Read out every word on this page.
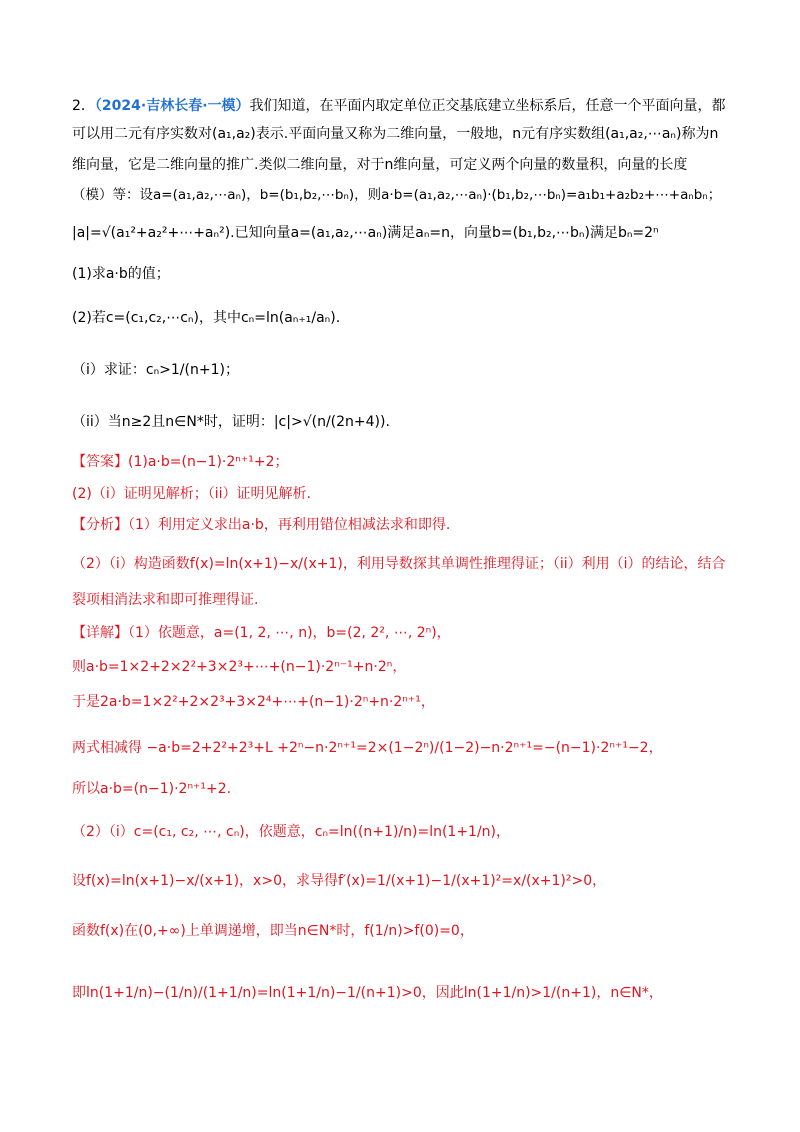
2．（2024·吉林长春·一模）我们知道，在平面内取定单位正交基底建立坐标系后，任意一个平面向量，都
可以用二元有序实数对(a₁,a₂)表示.平面向量又称为二维向量，一般地，n元有序实数组(a₁,a₂,⋯aₙ)称为n
维向量，它是二维向量的推广.类似二维向量，对于n维向量，可定义两个向量的数量积，向量的长度
（模）等：设a=(a₁,a₂,⋯aₙ)，b=(b₁,b₂,⋯bₙ)，则a·b=(a₁,a₂,⋯aₙ)·(b₁,b₂,⋯bₙ)=a₁b₁+a₂b₂+⋯+aₙbₙ；
|a|=√(a₁²+a₂²+⋯+aₙ²).已知向量a=(a₁,a₂,⋯aₙ)满足aₙ=n，向量b=(b₁,b₂,⋯bₙ)满足bₙ=2ⁿ
(1)求a·b的值；
(2)若c=(c₁,c₂,⋯cₙ)，其中cₙ=ln(aₙ₊₁/aₙ).
（i）求证：cₙ>1/(n+1)；
（ii）当n≥2且n∈N*时，证明：|c|>√(n/(2n+4)).
【答案】(1)a·b=(n−1)·2ⁿ⁺¹+2；
(2)（i）证明见解析；（ii）证明见解析.
【分析】（1）利用定义求出a·b，再利用错位相减法求和即得.
（2）（i）构造函数f(x)=ln(x+1)−x/(x+1)，利用导数探其单调性推理得证；（ii）利用（i）的结论，结合
裂项相消法求和即可推理得证.
【详解】（1）依题意，a=(1, 2, ⋯, n)，b=(2, 2², ⋯, 2ⁿ)，
则a·b=1×2+2×2²+3×2³+⋯+(n−1)·2ⁿ⁻¹+n·2ⁿ，
于是2a·b=1×2²+2×2³+3×2⁴+⋯+(n−1)·2ⁿ+n·2ⁿ⁺¹，
两式相减得 −a·b=2+2²+2³+L +2ⁿ−n·2ⁿ⁺¹=2×(1−2ⁿ)/(1−2)−n·2ⁿ⁺¹=−(n−1)·2ⁿ⁺¹−2，
所以a·b=(n−1)·2ⁿ⁺¹+2.
（2）（i）c=(c₁, c₂, ⋯, cₙ)，依题意，cₙ=ln((n+1)/n)=ln(1+1/n)，
设f(x)=ln(x+1)−x/(x+1)，x>0，求导得f′(x)=1/(x+1)−1/(x+1)²=x/(x+1)²>0，
函数f(x)在(0,+∞)上单调递增，即当n∈N*时，f(1/n)>f(0)=0，
即ln(1+1/n)−(1/n)/(1+1/n)=ln(1+1/n)−1/(n+1)>0，因此ln(1+1/n)>1/(n+1)，n∈N*，
